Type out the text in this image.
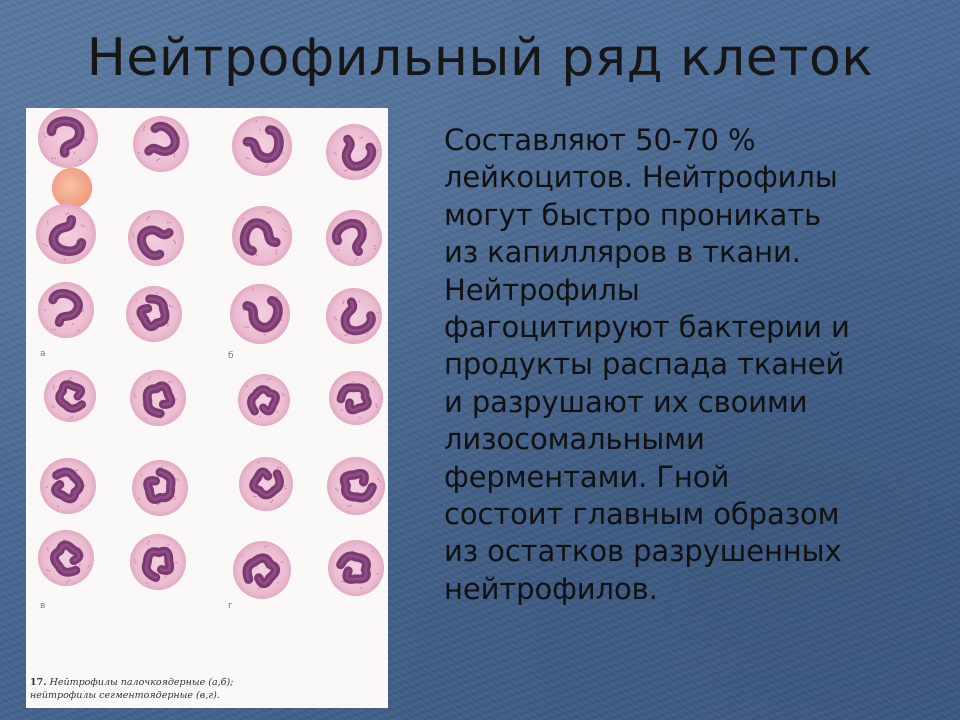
Нейтрофильный ряд клеток
а	б
в	г
17. Нейтрофилы палочкоядерные (а,б);
нейтрофилы сегментоядерные (в,г).
Составляют 50-70 %
лейкоцитов. Нейтрофилы
могут быстро проникать
из капилляров в ткани.
Нейтрофилы
фагоцитируют бактерии и
продукты распада тканей
и разрушают их своими
лизосомальными
ферментами. Гной
состоит главным образом
из остатков разрушенных
нейтрофилов.
